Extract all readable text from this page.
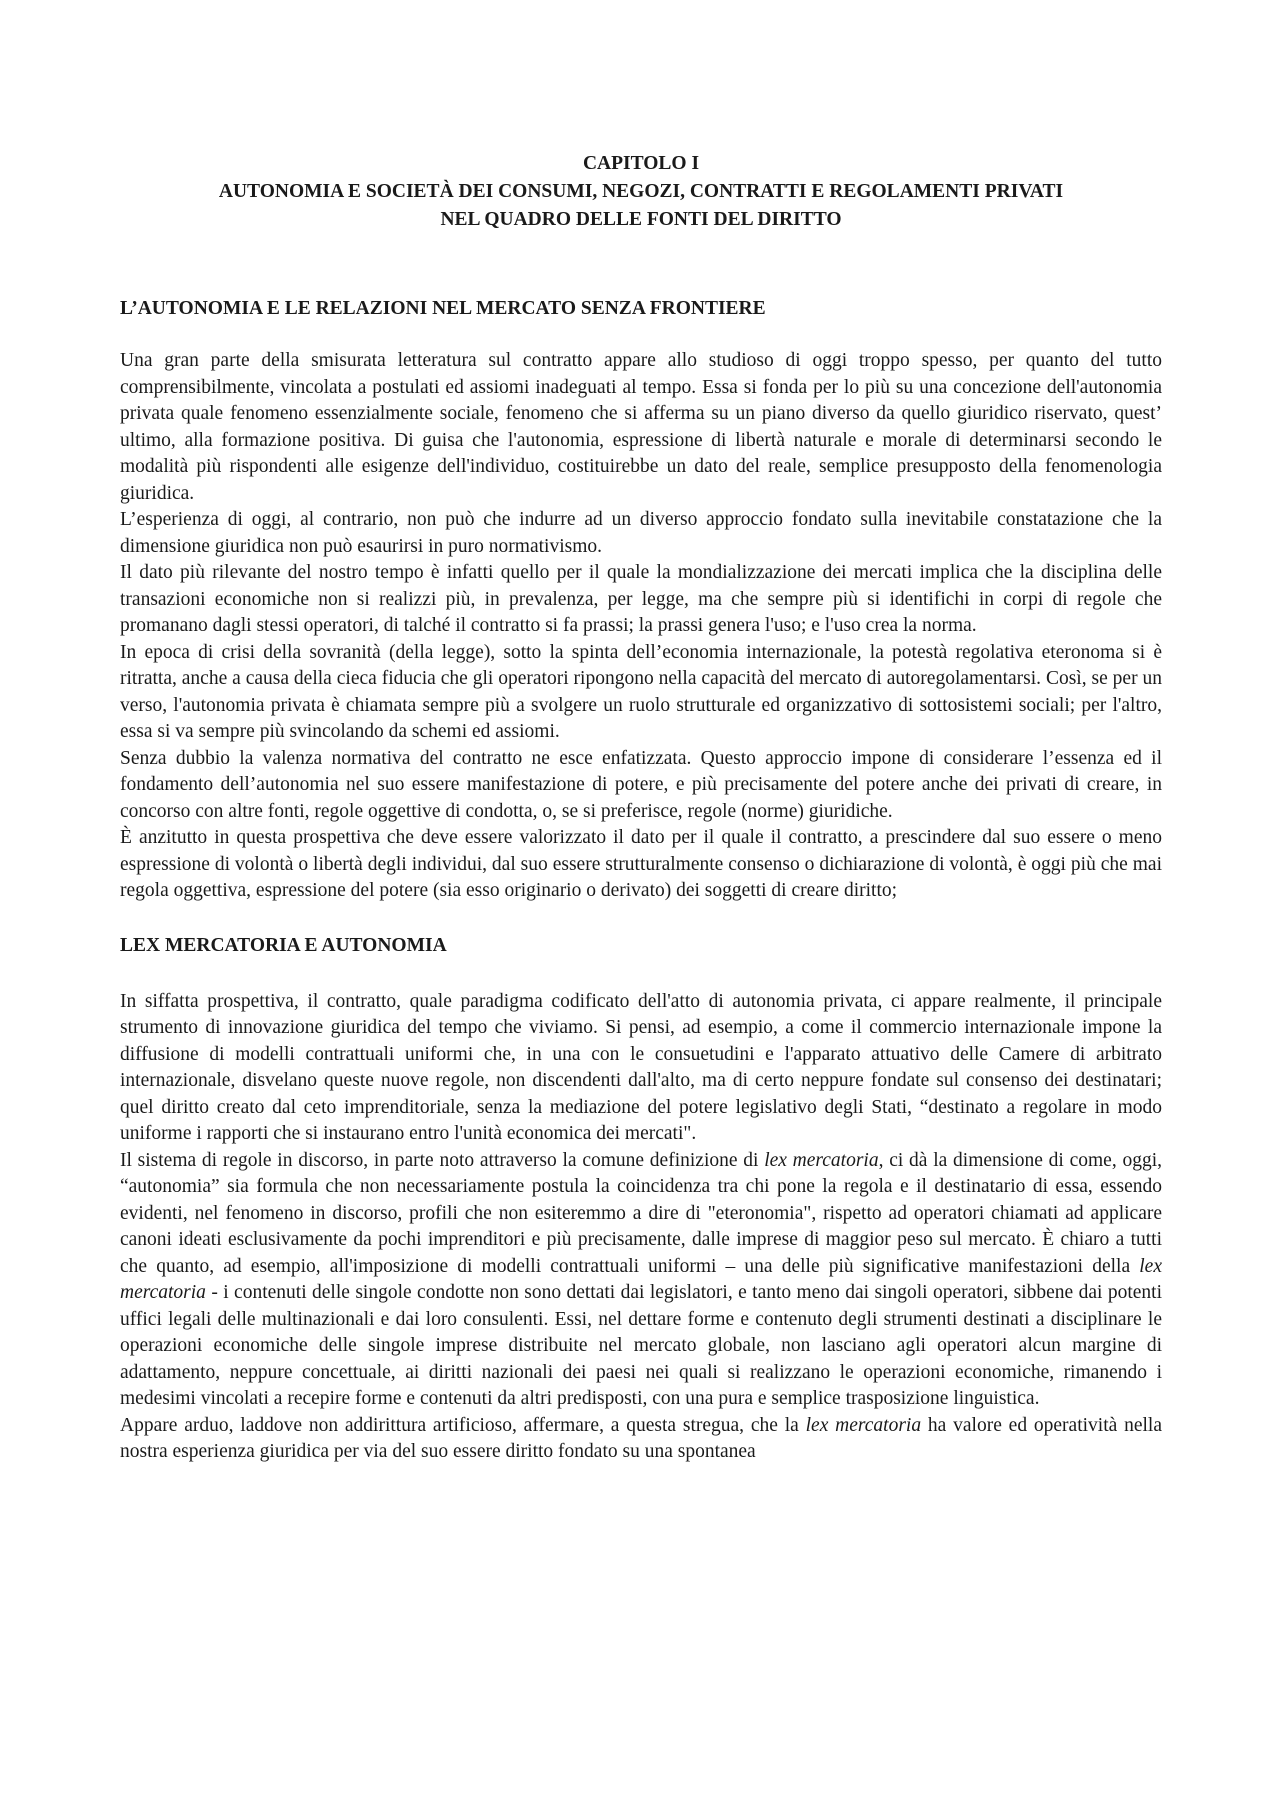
CAPITOLO I

AUTONOMIA E SOCIETÀ DEI CONSUMI, NEGOZI, CONTRATTI E REGOLAMENTI PRIVATI

NEL QUADRO DELLE FONTI DEL DIRITTO

L’AUTONOMIA E LE RELAZIONI NEL MERCATO SENZA FRONTIERE

Una gran parte della smisurata letteratura sul contratto appare allo studioso di oggi troppo spesso, per quanto del tutto comprensibilmente, vincolata a postulati ed assiomi inadeguati al tempo. Essa si fonda per lo più su una concezione dell'autonomia privata quale fenomeno essenzialmente sociale, fenomeno che si afferma su un piano diverso da quello giuridico riservato, quest’ ultimo, alla formazione positiva. Di guisa che l'autonomia, espressione di libertà naturale e morale di determinarsi secondo le modalità più rispondenti alle esigenze dell'individuo, costituirebbe un dato del reale, semplice presupposto della fenomenologia giuridica.

L’esperienza di oggi, al contrario, non può che indurre ad un diverso approccio fondato sulla inevitabile constatazione che la dimensione giuridica non può esaurirsi in puro normativismo.

Il dato più rilevante del nostro tempo è infatti quello per il quale la mondializzazione dei mercati implica che la disciplina delle transazioni economiche non si realizzi più, in prevalenza, per legge, ma che sempre più si identifichi in corpi di regole che promanano dagli stessi operatori, di talché il contratto si fa prassi; la prassi genera l'uso; e l'uso crea la norma.

In epoca di crisi della sovranità (della legge), sotto la spinta dell’economia internazionale, la potestà regolativa eteronoma si è ritratta, anche a causa della cieca fiducia che gli operatori ripongono nella capacità del mercato di autoregolamentarsi. Così, se per un verso, l'autonomia privata è chiamata sempre più a svolgere un ruolo strutturale ed organizzativo di sottosistemi sociali; per l'altro, essa si va sempre più svincolando da schemi ed assiomi.

Senza dubbio la valenza normativa del contratto ne esce enfatizzata. Questo approccio impone di considerare l’essenza ed il fondamento dell’autonomia nel suo essere manifestazione di potere, e più precisamente del potere anche dei privati di creare, in concorso con altre fonti, regole oggettive di condotta, o, se si preferisce, regole (norme) giuridiche.

È anzitutto in questa prospettiva che deve essere valorizzato il dato per il quale il contratto, a prescindere dal suo essere o meno espressione di volontà o libertà degli individui, dal suo essere strutturalmente consenso o dichiarazione di volontà, è oggi più che mai regola oggettiva, espressione del potere (sia esso originario o derivato) dei soggetti di creare diritto;

LEX MERCATORIA E AUTONOMIA

In siffatta prospettiva, il contratto, quale paradigma codificato dell'atto di autonomia privata, ci appare realmente, il principale strumento di innovazione giuridica del tempo che viviamo. Si pensi, ad esempio, a come il commercio internazionale impone la diffusione di modelli contrattuali uniformi che, in una con le consuetudini e l'apparato attuativo delle Camere di arbitrato internazionale, disvelano queste nuove regole, non discendenti dall'alto, ma di certo neppure fondate sul consenso dei destinatari; quel diritto creato dal ceto imprenditoriale, senza la mediazione del potere legislativo degli Stati, “destinato a regolare in modo uniforme i rapporti che si instaurano entro l'unità economica dei mercati".

Il sistema di regole in discorso, in parte noto attraverso la comune definizione di lex mercatoria, ci dà la dimensione di come, oggi, “autonomia” sia formula che non necessariamente postula la coincidenza tra chi pone la regola e il destinatario di essa, essendo evidenti, nel fenomeno in discorso, profili che non esiteremmo a dire di "eteronomia", rispetto ad operatori chiamati ad applicare canoni ideati esclusivamente da pochi imprenditori e più precisamente, dalle imprese di maggior peso sul mercato. È chiaro a tutti che quanto, ad esempio, all'imposizione di modelli contrattuali uniformi – una delle più significative manifestazioni della lex mercatoria - i contenuti delle singole condotte non sono dettati dai legislatori, e tanto meno dai singoli operatori, sibbene dai potenti uffici legali delle multinazionali e dai loro consulenti. Essi, nel dettare forme e contenuto degli strumenti destinati a disciplinare le operazioni economiche delle singole imprese distribuite nel mercato globale, non lasciano agli operatori alcun margine di adattamento, neppure concettuale, ai diritti nazionali dei paesi nei quali si realizzano le operazioni economiche, rimanendo i medesimi vincolati a recepire forme e contenuti da altri predisposti, con una pura e semplice trasposizione linguistica.

Appare arduo, laddove non addirittura artificioso, affermare, a questa stregua, che la lex mercatoria ha valore ed operatività nella nostra esperienza giuridica per via del suo essere diritto fondato su una spontanea
